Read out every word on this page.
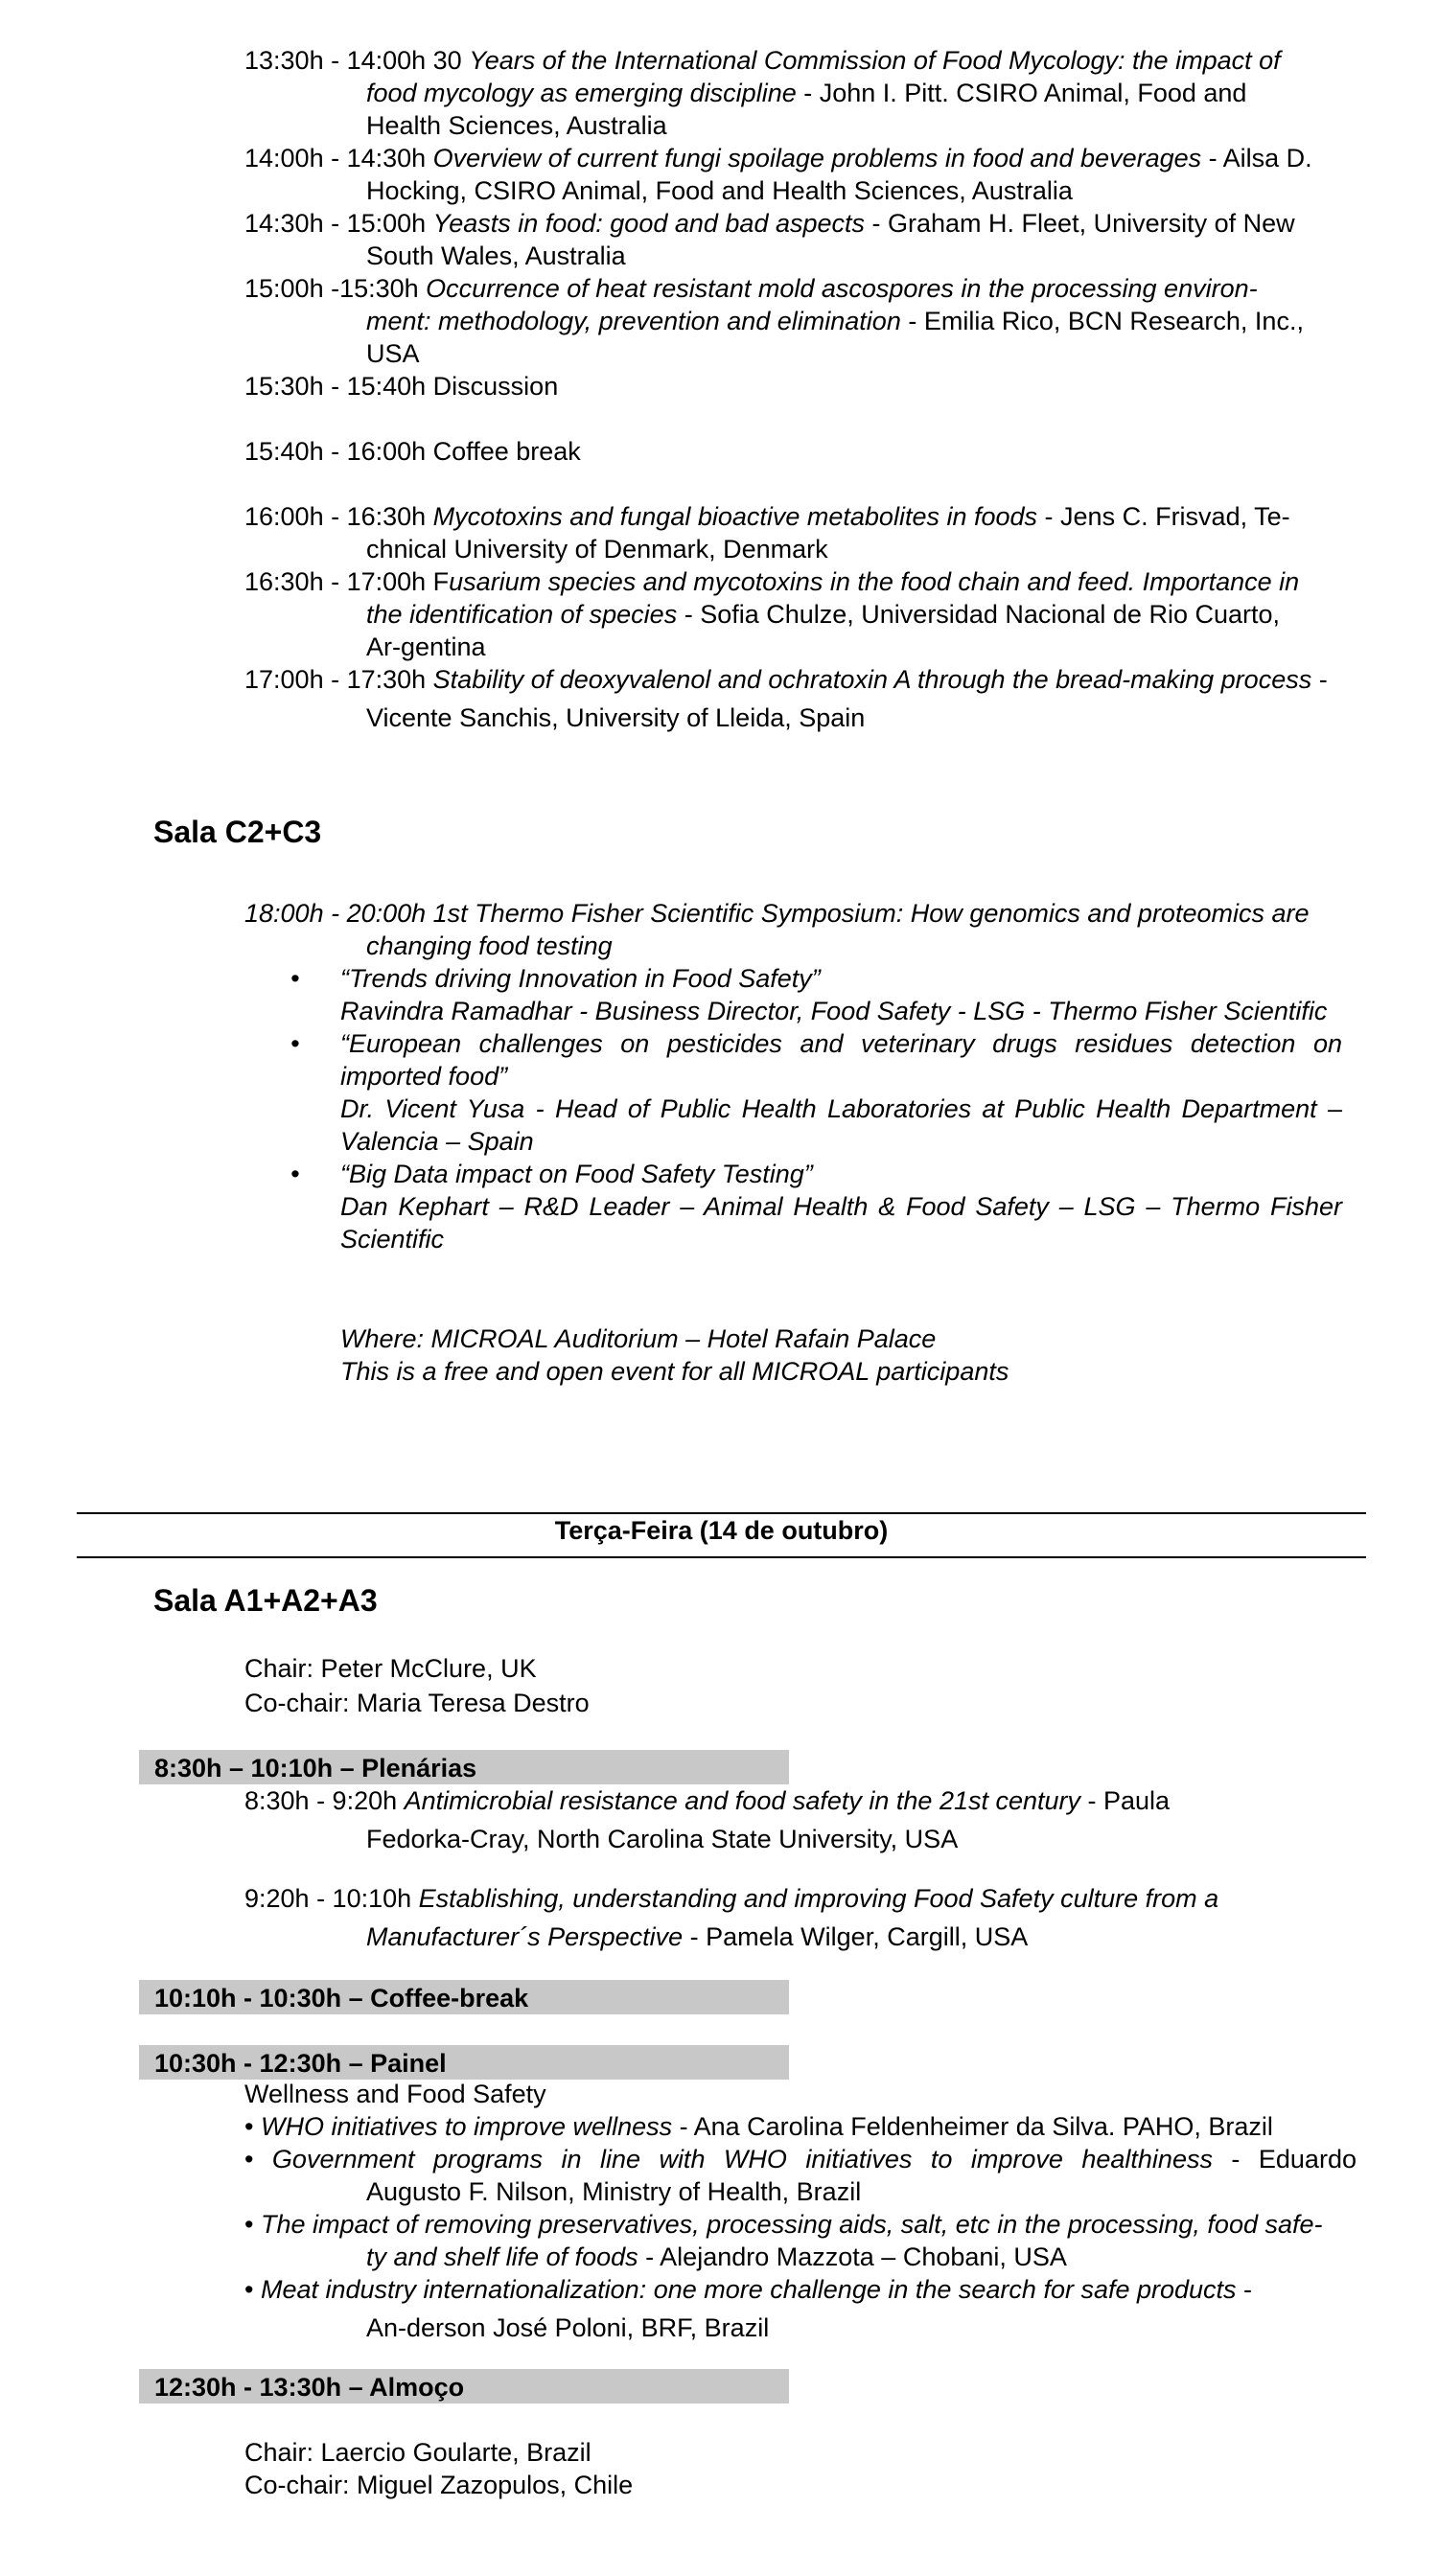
13:30h - 14:00h 30 Years of the International Commission of Food Mycology: the impact of
food mycology as emerging discipline - John I. Pitt. CSIRO Animal, Food and
Health Sciences, Australia
14:00h - 14:30h Overview of current fungi spoilage problems in food and beverages - Ailsa D.
Hocking, CSIRO Animal, Food and Health Sciences, Australia
14:30h - 15:00h Yeasts in food: good and bad aspects - Graham H. Fleet, University of New
South Wales, Australia
15:00h -15:30h Occurrence of heat resistant mold ascospores in the processing environ-
ment: methodology, prevention and elimination - Emilia Rico, BCN Research, Inc.,
USA
15:30h - 15:40h Discussion
15:40h - 16:00h Coffee break
16:00h - 16:30h Mycotoxins and fungal bioactive metabolites in foods - Jens C. Frisvad, Te-
chnical University of Denmark, Denmark
16:30h - 17:00h Fusarium species and mycotoxins in the food chain and feed. Importance in
the identification of species - Sofia Chulze, Universidad Nacional de Rio Cuarto,
Ar-gentina
17:00h - 17:30h Stability of deoxyvalenol and ochratoxin A through the bread-making process -
Vicente Sanchis, University of Lleida, Spain
Sala C2+C3
18:00h - 20:00h 1st Thermo Fisher Scientific Symposium: How genomics and proteomics are
changing food testing
• “Trends driving Innovation in Food Safety”
Ravindra Ramadhar - Business Director, Food Safety - LSG - Thermo Fisher Scientific
• “European challenges on pesticides and veterinary drugs residues detection on imported food”
Dr. Vicent Yusa - Head of Public Health Laboratories at Public Health Department – Valencia – Spain
• “Big Data impact on Food Safety Testing”
Dan Kephart – R&D Leader – Animal Health & Food Safety – LSG – Thermo Fisher Scientific
Where: MICROAL Auditorium – Hotel Rafain Palace
This is a free and open event for all MICROAL participants
Terça-Feira (14 de outubro)
Sala A1+A2+A3
Chair: Peter McClure, UK
Co-chair: Maria Teresa Destro
8:30h – 10:10h – Plenárias
8:30h - 9:20h Antimicrobial resistance and food safety in the 21st century - Paula
Fedorka-Cray, North Carolina State University, USA
9:20h - 10:10h Establishing, understanding and improving Food Safety culture from a
Manufacturer´s Perspective - Pamela Wilger, Cargill, USA
10:10h - 10:30h – Coffee-break
10:30h - 12:30h – Painel
Wellness and Food Safety
• WHO initiatives to improve wellness - Ana Carolina Feldenheimer da Silva. PAHO, Brazil
• Government programs in line with WHO initiatives to improve healthiness - Eduardo
Augusto F. Nilson, Ministry of Health, Brazil
• The impact of removing preservatives, processing aids, salt, etc in the processing, food safe-
ty and shelf life of foods - Alejandro Mazzota – Chobani, USA
• Meat industry internationalization: one more challenge in the search for safe products -
An-derson José Poloni, BRF, Brazil
12:30h - 13:30h – Almoço
Chair: Laercio Goularte, Brazil
Co-chair: Miguel Zazopulos, Chile
